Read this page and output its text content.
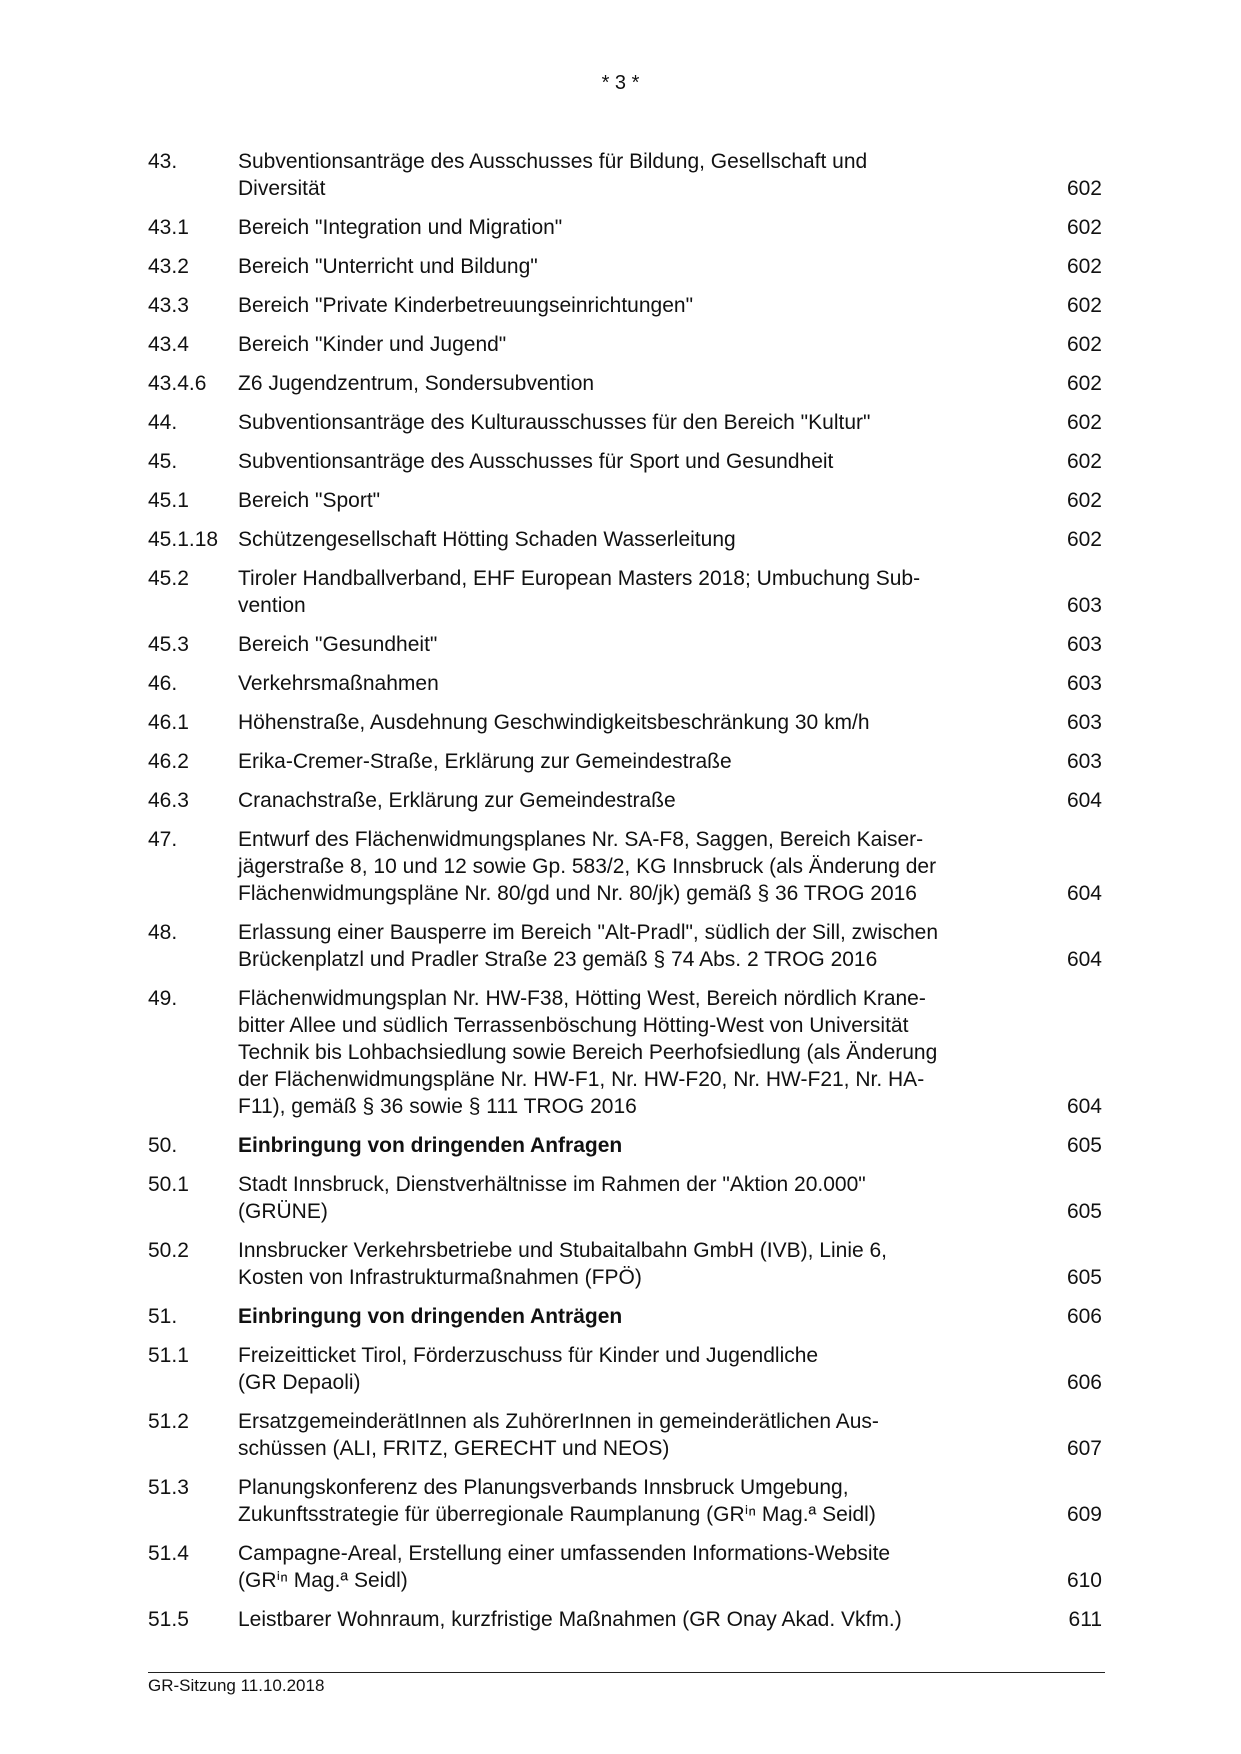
* 3 *
43.	Subventionsanträge des Ausschusses für Bildung, Gesellschaft und
Diversität	602
43.1	Bereich "Integration und Migration"	602
43.2	Bereich "Unterricht und Bildung"	602
43.3	Bereich "Private Kinderbetreuungseinrichtungen"	602
43.4	Bereich "Kinder und Jugend"	602
43.4.6	Z6 Jugendzentrum, Sondersubvention	602
44.	Subventionsanträge des Kulturausschusses für den Bereich "Kultur"	602
45.	Subventionsanträge des Ausschusses für Sport und Gesundheit	602
45.1	Bereich "Sport"	602
45.1.18 Schützengesellschaft Hötting Schaden Wasserleitung	602
45.2	Tiroler Handballverband, EHF European Masters 2018; Umbuchung Sub-
vention	603
45.3	Bereich "Gesundheit"	603
46.	Verkehrsmaßnahmen	603
46.1	Höhenstraße, Ausdehnung Geschwindigkeitsbeschränkung 30 km/h	603
46.2	Erika-Cremer-Straße, Erklärung zur Gemeindestraße	603
46.3	Cranachstraße, Erklärung zur Gemeindestraße	604
47.	Entwurf des Flächenwidmungsplanes Nr. SA-F8, Saggen, Bereich Kaiser-
jägerstraße 8, 10 und 12 sowie Gp. 583/2, KG Innsbruck (als Änderung der
Flächenwidmungspläne Nr. 80/gd und Nr. 80/jk) gemäß § 36 TROG 2016	604
48.	Erlassung einer Bausperre im Bereich "Alt-Pradl", südlich der Sill, zwischen
Brückenplatzl und Pradler Straße 23 gemäß § 74 Abs. 2 TROG 2016	604
49.	Flächenwidmungsplan Nr. HW-F38, Hötting West, Bereich nördlich Krane-
bitter Allee und südlich Terrassenböschung Hötting-West von Universität
Technik bis Lohbachsiedlung sowie Bereich Peerhofsiedlung (als Änderung
der Flächenwidmungspläne Nr. HW-F1, Nr. HW-F20, Nr. HW-F21, Nr. HA-
F11), gemäß § 36 sowie § 111 TROG 2016	604
50.	Einbringung von dringenden Anfragen	605
50.1	Stadt Innsbruck, Dienstverhältnisse im Rahmen der "Aktion 20.000"
(GRÜNE)	605
50.2	Innsbrucker Verkehrsbetriebe und Stubaitalbahn GmbH (IVB), Linie 6,
Kosten von Infrastrukturmaßnahmen (FPÖ)	605
51.	Einbringung von dringenden Anträgen	606
51.1	Freizeitticket Tirol, Förderzuschuss für Kinder und Jugendliche
(GR Depaoli)	606
51.2	ErsatzgemeinderätInnen als ZuhörerInnen in gemeinderätlichen Aus-
schüssen (ALI, FRITZ, GERECHT und NEOS)	607
51.3	Planungskonferenz des Planungsverbands Innsbruck Umgebung,
Zukunftsstrategie für überregionale Raumplanung (GRⁱⁿ Mag.ª Seidl)	609
51.4	Campagne-Areal, Erstellung einer umfassenden Informations-Website
(GRⁱⁿ Mag.ª Seidl)	610
51.5	Leistbarer Wohnraum, kurzfristige Maßnahmen (GR Onay Akad. Vkfm.)	611
GR-Sitzung 11.10.2018
